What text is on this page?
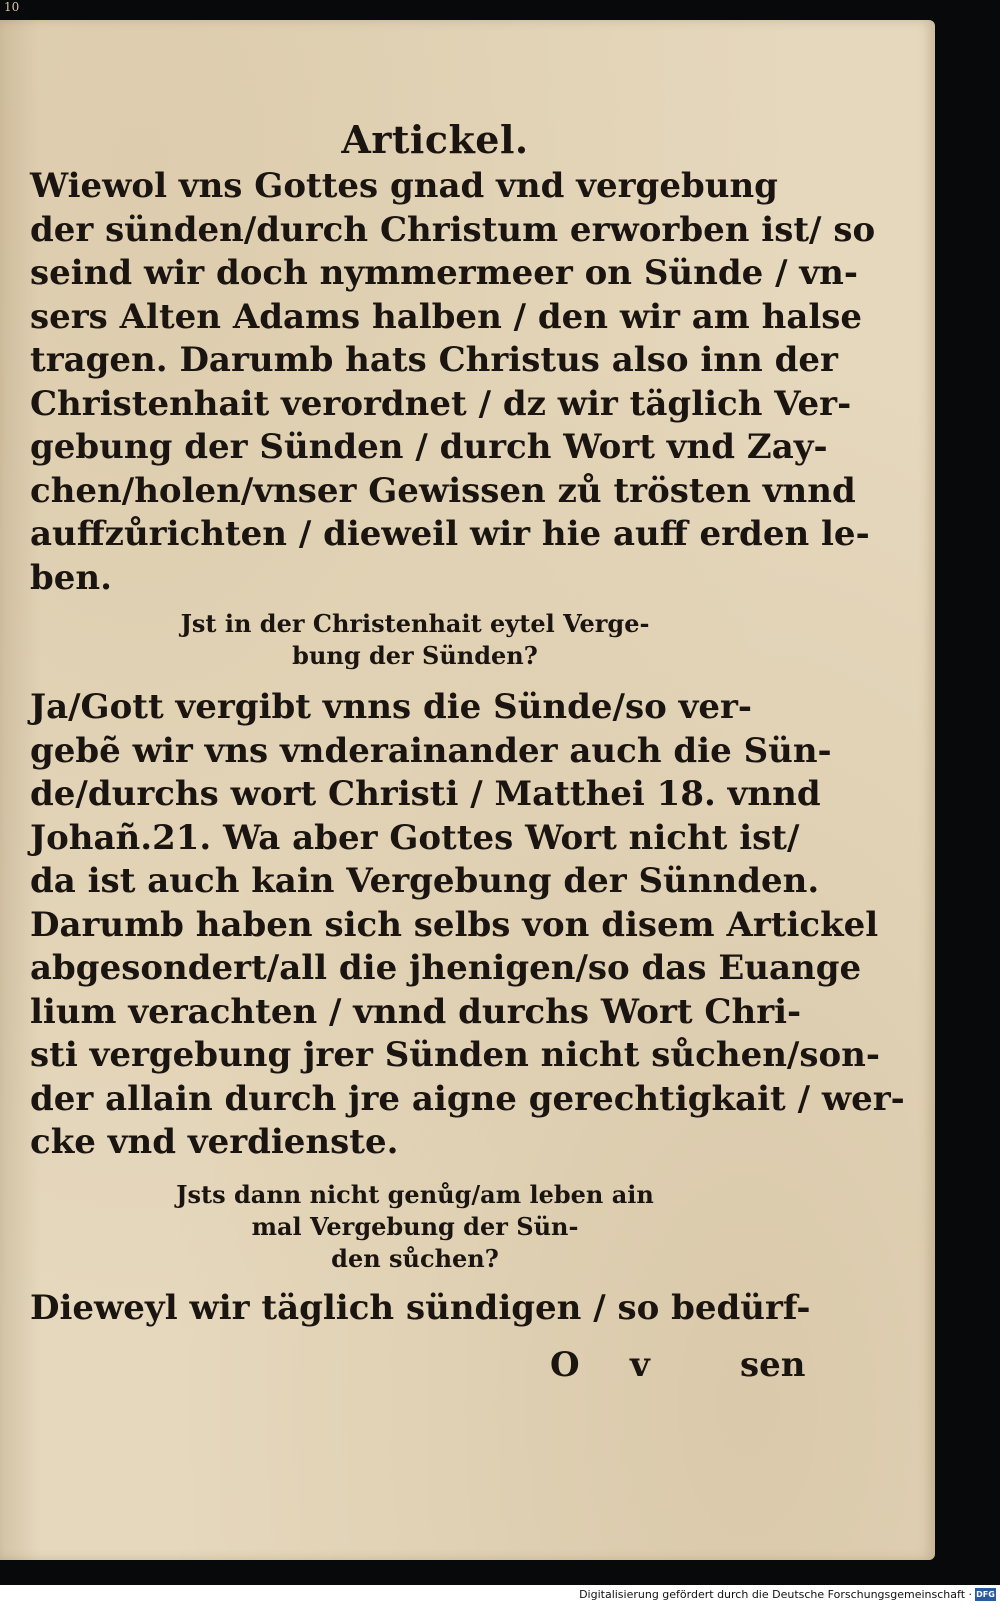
10
Artickel.
Wiewol vns Gottes gnad vnd vergebung
der sünden/durch Christum erworben ist/ so
seind wir doch nymmermeer on Sünde / vn-
sers Alten Adams halben / den wir am halse
tragen. Darumb hats Christus also inn der
Christenhait verordnet / dz wir täglich Ver-
gebung der Sünden / durch Wort vnd Zay-
chen/holen/vnser Gewissen zů trösten vnnd
auffzůrichten / dieweil wir hie auff erden le-
ben.
Jst in der Christenhait eytel Verge-
bung der Sünden?
Ja/Gott vergibt vnns die Sünde/so ver-
gebẽ wir vns vnderainander auch die Sün-
de/durchs wort Christi / Matthei 18. vnnd
Johañ.21. Wa aber Gottes Wort nicht ist/
da ist auch kain Vergebung der Sünnden.
Darumb haben sich selbs von disem Artickel
abgesondert/all die jhenigen/so das Euange
lium verachten / vnnd durchs Wort Chri-
sti vergebung jrer Sünden nicht sůchen/son-
der allain durch jre aigne gerechtigkait / wer-
cke vnd verdienste.
Jsts dann nicht genůg/am leben ain
mal Vergebung der Sün-
den sůchen?
Dieweyl wir täglich sündigen / so bedürf-
O v	sen
Digitalisierung gefördert durch die Deutsche Forschungsgemeinschaft · DFG
